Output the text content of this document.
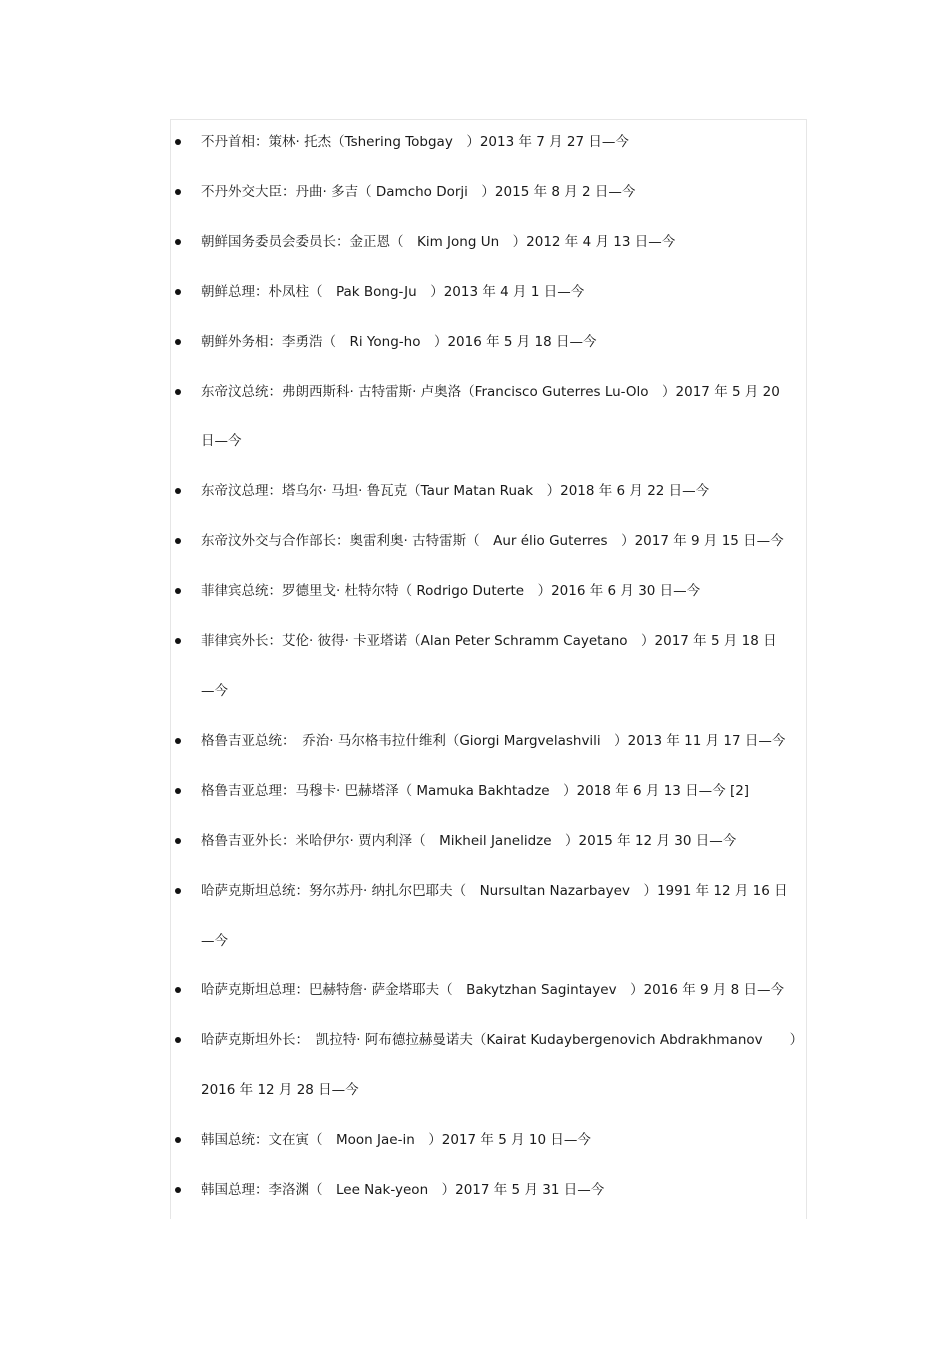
不丹首相：策林· 托杰（Tshering Tobgay　）2013 年 7 月 27 日—今
不丹外交大臣：丹曲· 多吉（ Damcho Dorji　）2015 年 8 月 2 日—今
朝鲜国务委员会委员长：金正恩（　Kim Jong Un　）2012 年 4 月 13 日—今
朝鲜总理：朴凤柱（　Pak Bong-Ju　）2013 年 4 月 1 日—今
朝鲜外务相：李勇浩（　Ri Yong-ho　）2016 年 5 月 18 日—今
东帝汶总统：弗朗西斯科· 古特雷斯· 卢奥洛（Francisco Guterres Lu-Olo　）2017 年 5 月 20
日—今
东帝汶总理：塔乌尔· 马坦· 鲁瓦克（Taur Matan Ruak　）2018 年 6 月 22 日—今
东帝汶外交与合作部长：奥雷利奥· 古特雷斯（　Aur élio Guterres　）2017 年 9 月 15 日—今
菲律宾总统：罗德里戈· 杜特尔特（ Rodrigo Duterte　）2016 年 6 月 30 日—今
菲律宾外长：艾伦· 彼得· 卡亚塔诺（Alan Peter Schramm Cayetano　）2017 年 5 月 18 日
—今
格鲁吉亚总统：　乔治· 马尔格韦拉什维利（Giorgi Margvelashvili　）2013 年 11 月 17 日—今
格鲁吉亚总理：马穆卡· 巴赫塔泽（ Mamuka Bakhtadze　）2018 年 6 月 13 日—今 [2]
格鲁吉亚外长：米哈伊尔· 贾内利泽（　Mikheil Janelidze　）2015 年 12 月 30 日—今
哈萨克斯坦总统：努尔苏丹· 纳扎尔巴耶夫（　Nursultan Nazarbayev　）1991 年 12 月 16 日
—今
哈萨克斯坦总理：巴赫特詹· 萨金塔耶夫（　Bakytzhan Sagintayev　）2016 年 9 月 8 日—今
哈萨克斯坦外长：　凯拉特· 阿布德拉赫曼诺夫（Kairat Kudaybergenovich Abdrakhmanov　　）
2016 年 12 月 28 日—今
韩国总统：文在寅（　Moon Jae-in　）2017 年 5 月 10 日—今
韩国总理：李洛渊（　Lee Nak-yeon　）2017 年 5 月 31 日—今
